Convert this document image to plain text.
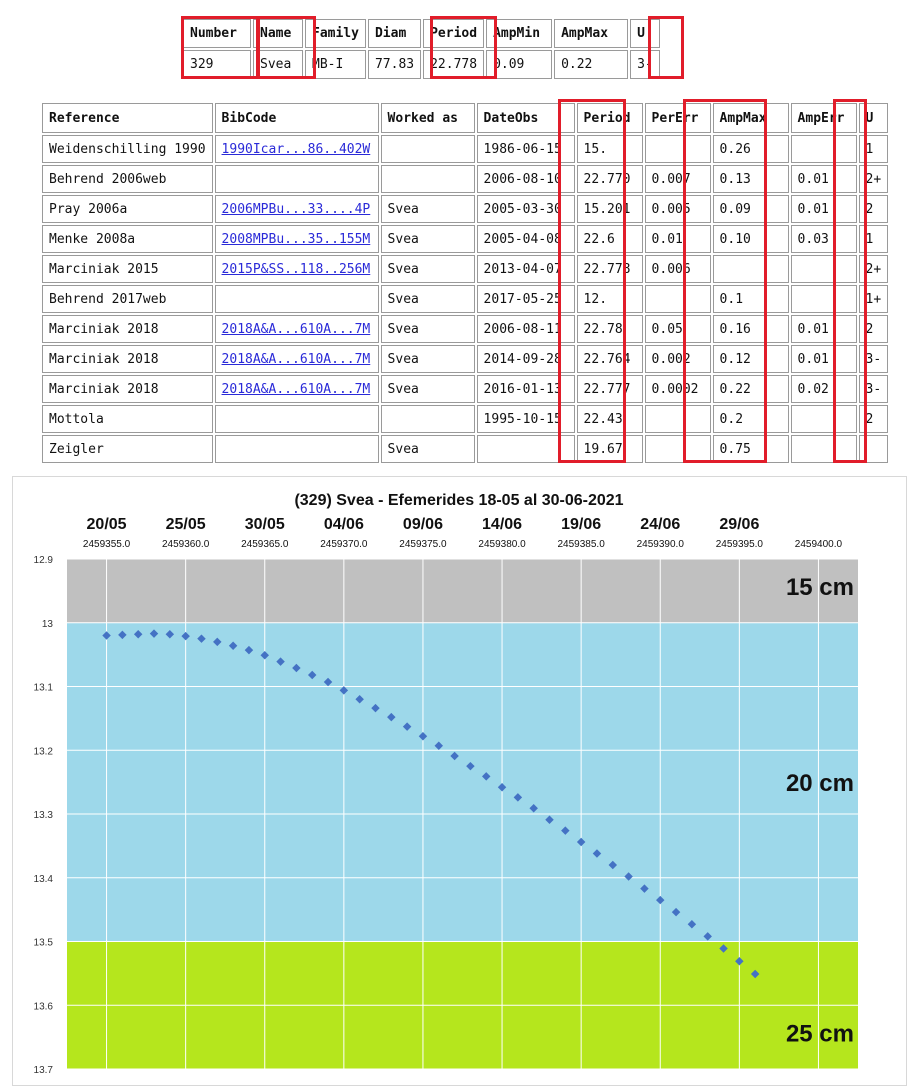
Number	Name	Family	Diam	Period	AmpMin	AmpMax	U
329	Svea	MB-I	77.83	22.778	0.09	0.22	3-
Reference	BibCode	Worked as	DateObs	Period	PerErr	AmpMax	AmpErr	U
Weidenschilling 1990	1990Icar...86..402W		1986-06-15	15.		0.26		1
Behrend 2006web			2006-08-10	22.770	0.007	0.13	0.01	2+
Pray 2006a	2006MPBu...33....4P	Svea	2005-03-30	15.201	0.005	0.09	0.01	2
Menke 2008a	2008MPBu...35..155M	Svea	2005-04-08	22.6	0.01	0.10	0.03	1
Marciniak 2015	2015P&SS..118..256M	Svea	2013-04-07	22.778	0.006			2+
Behrend 2017web		Svea	2017-05-25	12.		0.1		1+
Marciniak 2018	2018A&A...610A...7M	Svea	2006-08-11	22.78	0.05	0.16	0.01	2
Marciniak 2018	2018A&A...610A...7M	Svea	2014-09-28	22.764	0.002	0.12	0.01	3-
Marciniak 2018	2018A&A...610A...7M	Svea	2016-01-13	22.777	0.0002	0.22	0.02	3-
Mottola			1995-10-15	22.43		0.2		2
Zeigler		Svea		19.67		0.75		
(329) Svea - Efemerides 18-05 al 30-06-2021
12.9
13
13.1
13.2
13.3
13.4
13.5
13.6
13.7
2459355.0	2459360.0	2459365.0	2459370.0	2459375.0	2459380.0	2459385.0	2459390.0	2459395.0	2459400.0
20/05 25/05 30/05 04/06 09/06 14/06 19/06 24/06 29/06
15 cm
20 cm
25 cm
